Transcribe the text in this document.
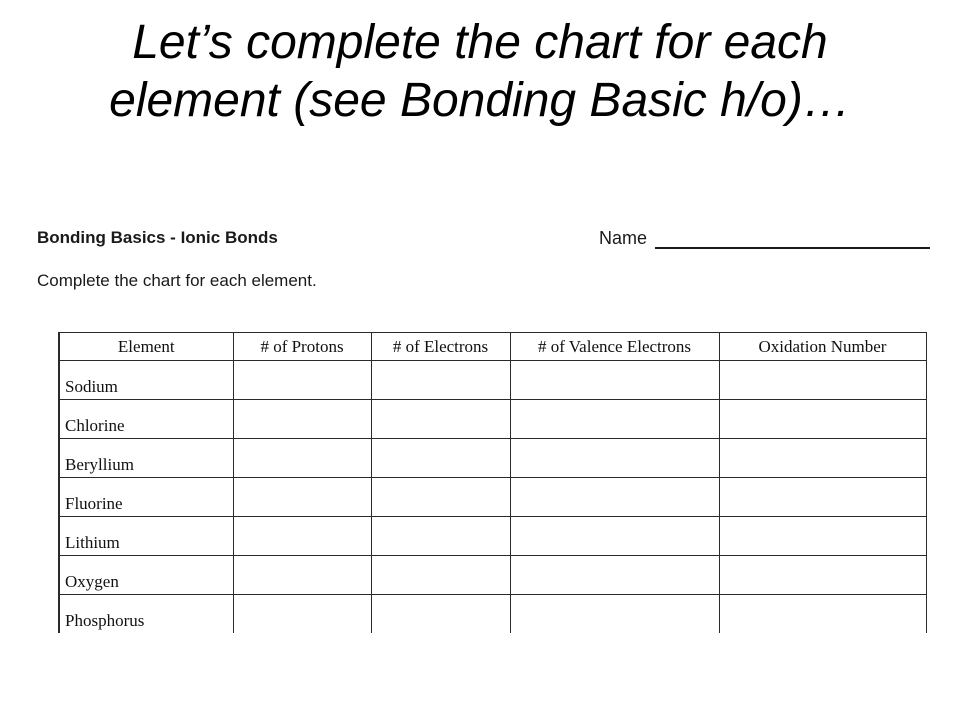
Let’s complete the chart for each
element (see Bonding Basic h/o)…
Bonding Basics - Ionic Bonds	Name
Complete the chart for each element.
Element	# of Protons	# of Electrons	# of Valence Electrons	Oxidation Number
Sodium				
Chlorine				
Beryllium				
Fluorine				
Lithium				
Oxygen				
Phosphorus				
